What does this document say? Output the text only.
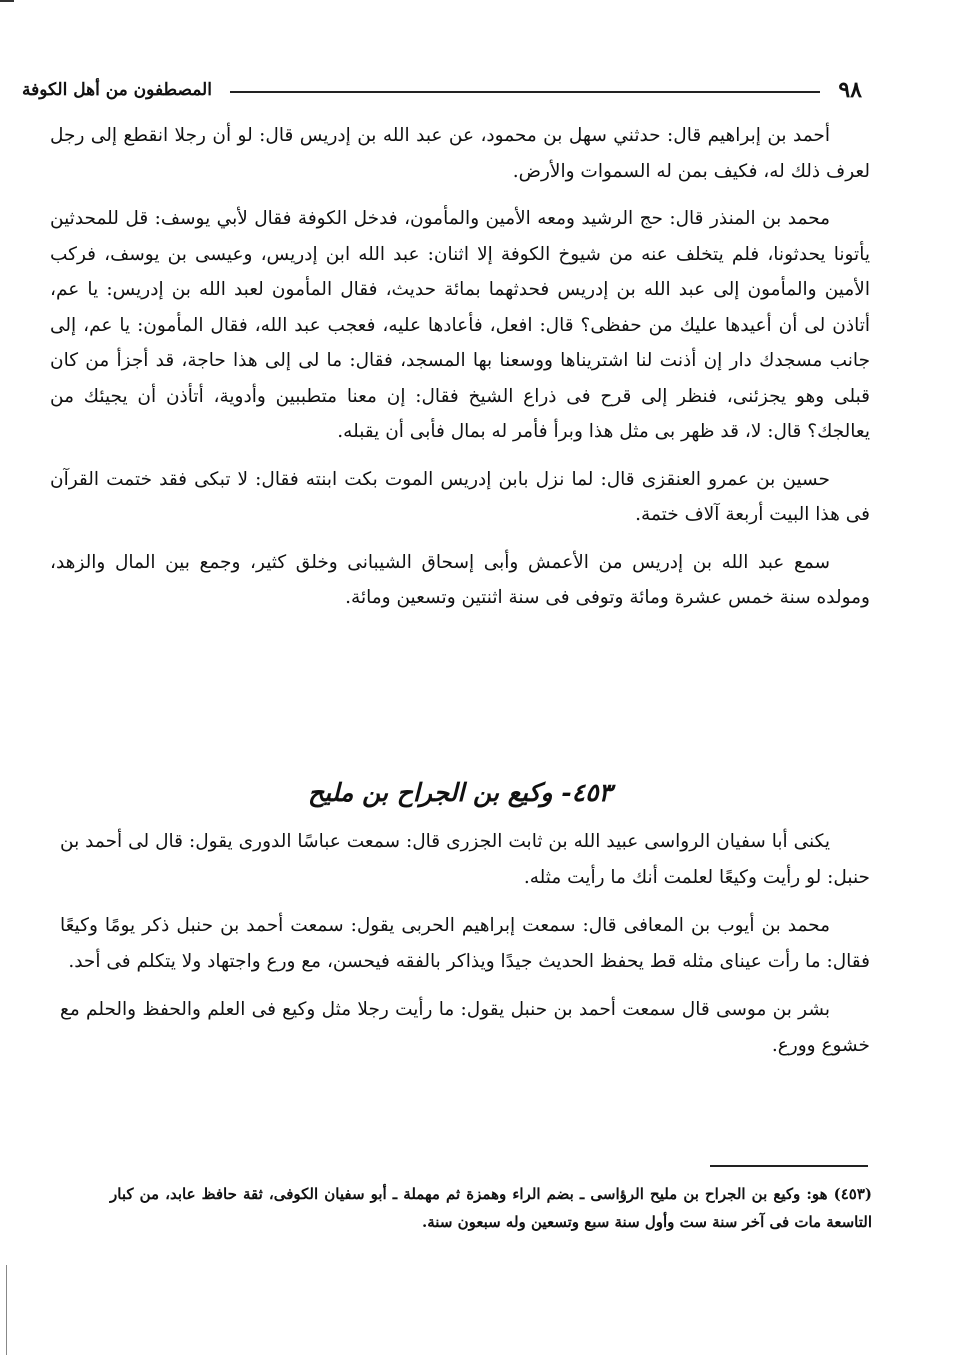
٩٨
المصطفون من أهل الكوفة

أحمد بن إبراهيم قال: حدثني سهل بن محمود، عن عبد الله بن إدريس قال: لو أن رجلا انقطع إلى رجل لعرف ذلك له، فكيف بمن له السموات والأرض.

محمد بن المنذر قال: حج الرشيد ومعه الأمين والمأمون، فدخل الكوفة فقال لأبي يوسف: قل للمحدثين يأتونا يحدثونا، فلم يتخلف عنه من شيوخ الكوفة إلا اثنان: عبد الله ابن إدريس، وعيسى بن يوسف، فركب الأمين والمأمون إلى عبد الله بن إدريس فحدثهما بمائة حديث، فقال المأمون لعبد الله بن إدريس: يا عم، أتاذن لى أن أعيدها عليك من حفظى؟ قال: افعل، فأعادها عليه، فعجب عبد الله، فقال المأمون: يا عم، إلى جانب مسجدك دار إن أذنت لنا اشتريناها ووسعنا بها المسجد، فقال: ما لى إلى هذا حاجة، قد أجزأ من كان قبلى وهو يجزئنى، فنظر إلى قرح فى ذراع الشيخ فقال: إن معنا متطببين وأدوية، أتأذن أن يجيئك من يعالجك؟ قال: لا، قد ظهر بى مثل هذا وبرأ فأمر له بمال فأبى أن يقبله.

حسين بن عمرو العنقزى قال: لما نزل بابن إدريس الموت بكت ابنته فقال: لا تبكى فقد ختمت القرآن فى هذا البيت أربعة آلاف ختمة.

سمع عبد الله بن إدريس من الأعمش وأبى إسحاق الشيبانى وخلق كثير، وجمع بين المال والزهد، ومولده سنة خمس عشرة ومائة وتوفى فى سنة اثنتين وتسعين ومائة.

٤٥٣- وكيع بن الجراح بن مليح

يكنى أبا سفيان الرواسى عبيد الله بن ثابت الجزرى قال: سمعت عباسًا الدورى يقول: قال لى أحمد بن حنبل: لو رأيت وكيعًا لعلمت أنك ما رأيت مثله.

محمد بن أيوب بن المعافى قال: سمعت إبراهيم الحربى يقول: سمعت أحمد بن حنبل ذكر يومًا وكيعًا فقال: ما رأت عيناى مثله قط يحفظ الحديث جيدًا ويذاكر بالفقه فيحسن، مع ورع واجتهاد ولا يتكلم فى أحد.

بشر بن موسى قال سمعت أحمد بن حنبل يقول: ما رأيت رجلا مثل وكيع فى العلم والحفظ والحلم مع خشوع وورع.

(٤٥٣) هو: وكيع بن الجراح بن مليح الرؤاسى ـ بضم الراء وهمزة ثم مهملة ـ أبو سفيان الكوفى، ثقة حافظ عابد، من كبار التاسعة مات فى آخر سنة ست وأول سنة سبع وتسعين وله سبعون سنة.
